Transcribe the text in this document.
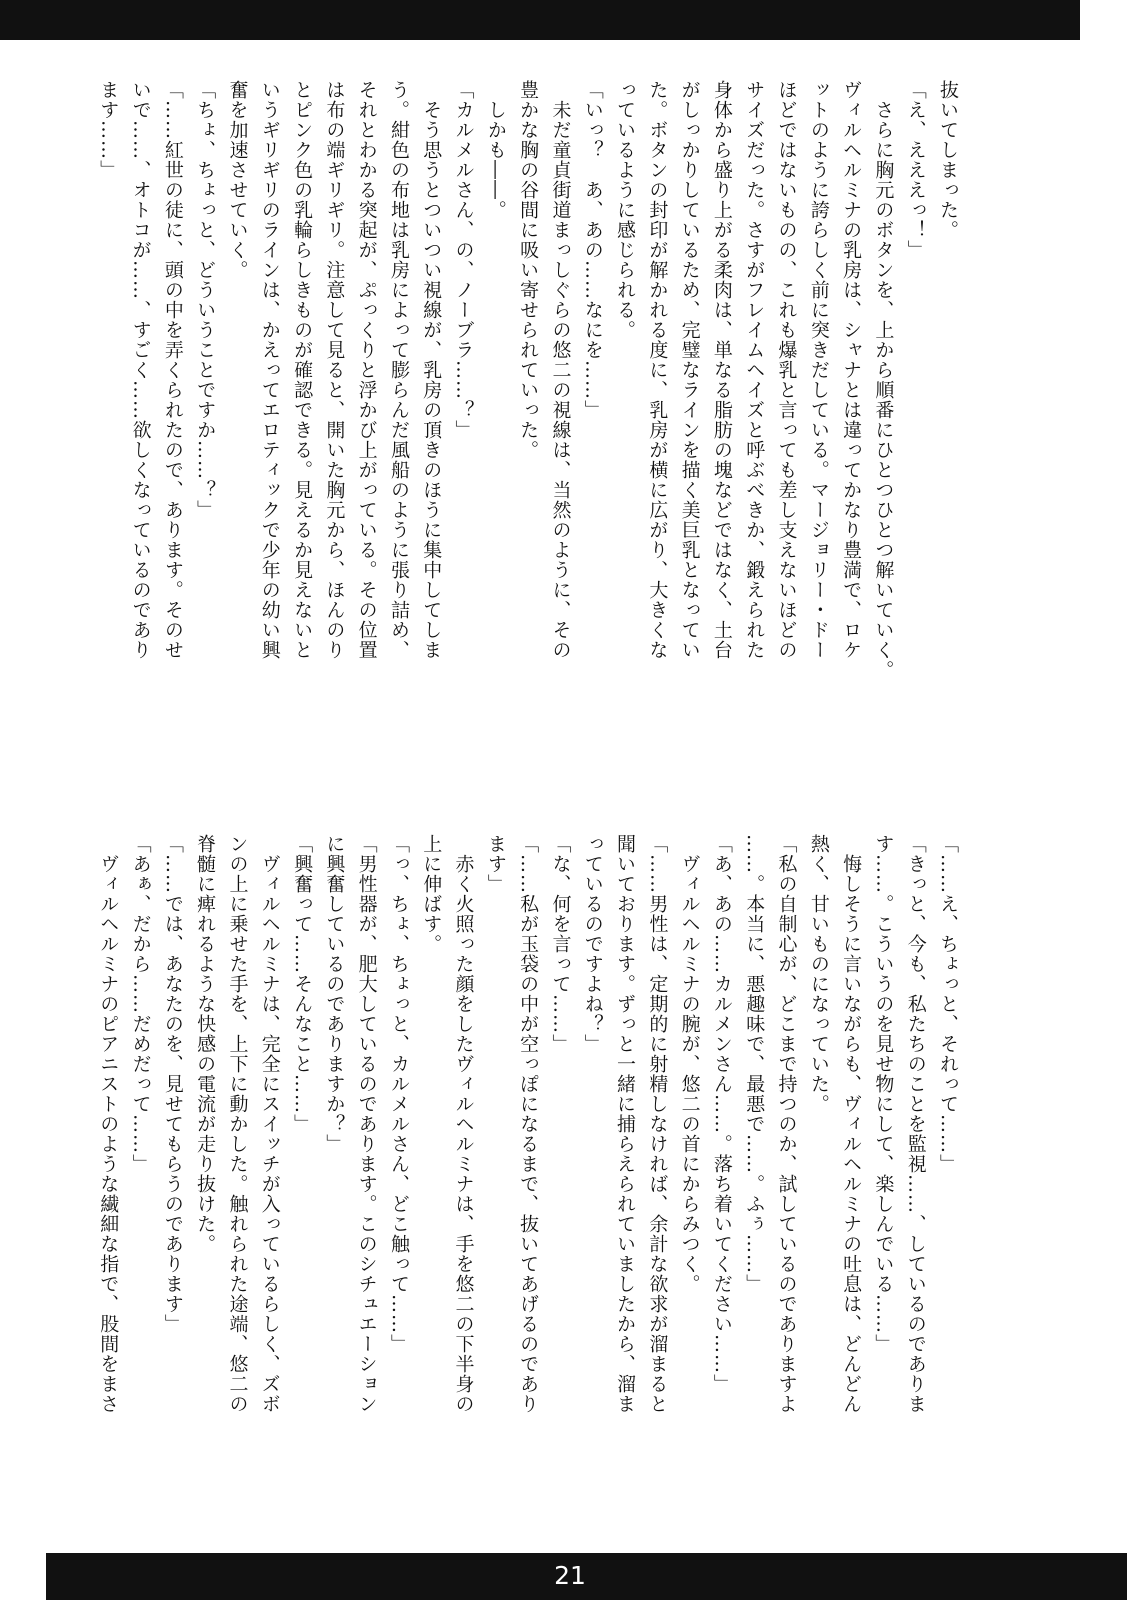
抜いてしまった。
「え、えええっ！」
　さらに胸元のボタンを、上から順番にひとつひとつ解いていく。
ヴィルヘルミナの乳房は、シャナとは違ってかなり豊満で、ロケ
ットのように誇らしく前に突きだしている。マージョリー・ドー
ほどではないものの、これも爆乳と言っても差し支えないほどの
サイズだった。さすがフレイムヘイズと呼ぶべきか、鍛えられた
身体から盛り上がる柔肉は、単なる脂肪の塊などではなく、土台
がしっかりしているため、完璧なラインを描く美巨乳となってい
た。ボタンの封印が解かれる度に、乳房が横に広がり、大きくな
っているように感じられる。
「いっ？　あ、あの……なにを……」
　未だ童貞街道まっしぐらの悠二の視線は、当然のように、その
豊かな胸の谷間に吸い寄せられていった。
　しかも――。
「カルメルさん、の、ノーブラ……？」
　そう思うとついつい視線が、乳房の頂きのほうに集中してしま
う。紺色の布地は乳房によって膨らんだ風船のように張り詰め、
それとわかる突起が、ぷっくりと浮かび上がっている。その位置
は布の端ギリギリ。注意して見ると、開いた胸元から、ほんのり
とピンク色の乳輪らしきものが確認できる。見えるか見えないと
いうギリギリのラインは、かえってエロティックで少年の幼い興
奮を加速させていく。
「ちょ、ちょっと、どういうことですか……？」
「……紅世の徒に、頭の中を弄くられたので、あります。そのせ
いで……、オトコが……、すごく……欲しくなっているのであり
ます……」
「……え、ちょっと、それって……」
「きっと、今も、私たちのことを監視……、しているのでありま
す……。こういうのを見せ物にして、楽しんでいる……」
　悔しそうに言いながらも、ヴィルヘルミナの吐息は、どんどん
熱く、甘いものになっていた。
「私の自制心が、どこまで持つのか、試しているのでありますよ
……。本当に、悪趣味で、最悪で……。ふぅ……」
「あ、あの……カルメンさん……。落ち着いてください……」
　ヴィルヘルミナの腕が、悠二の首にからみつく。
「……男性は、定期的に射精しなければ、余計な欲求が溜まると
聞いております。ずっと一緒に捕らえられていましたから、溜ま
っているのですよね？」
「な、何を言って……」
「……私が玉袋の中が空っぽになるまで、抜いてあげるのであり
ます」
　赤く火照った顔をしたヴィルヘルミナは、手を悠二の下半身の
上に伸ばす。
「っ、ちょ、ちょっと、カルメルさん、どこ触って……」
「男性器が、肥大しているのであります。このシチュエーション
に興奮しているのでありますか？」
「興奮って……そんなこと……」
　ヴィルヘルミナは、完全にスイッチが入っているらしく、ズボ
ンの上に乗せた手を、上下に動かした。触れられた途端、悠二の
脊髄に痺れるような快感の電流が走り抜けた。
「……では、あなたのを、見せてもらうのであります」
「あぁ、だから……だめだって……」
　ヴィルヘルミナのピアニストのような繊細な指で、股間をまさ
21
